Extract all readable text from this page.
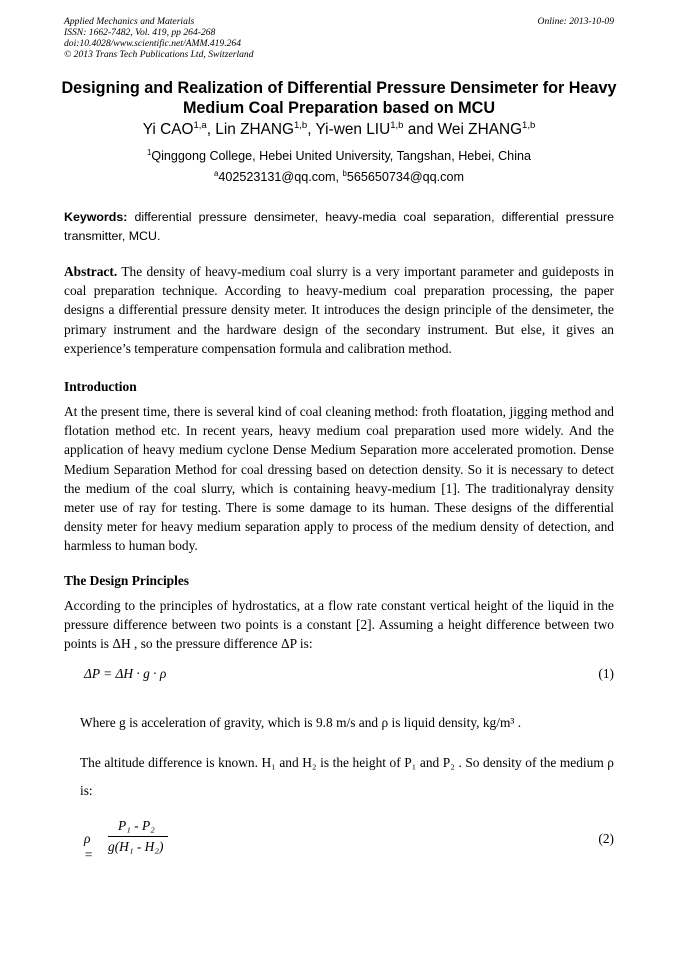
Applied Mechanics and Materials
ISSN: 1662-7482, Vol. 419, pp 264-268
doi:10.4028/www.scientific.net/AMM.419.264
© 2013 Trans Tech Publications Ltd, Switzerland
Online: 2013-10-09
Designing and Realization of Differential Pressure Densimeter for Heavy Medium Coal Preparation based on MCU
Yi CAO$^{1,a}$, Lin ZHANG$^{1,b}$, Yi-wen LIU$^{1,b}$ and Wei ZHANG$^{1,b}$
$^1$Qinggong College, Hebei United University, Tangshan, Hebei, China
$^a$402523131@qq.com, $^b$565650734@qq.com
Keywords: differential pressure densimeter, heavy-media coal separation, differential pressure transmitter, MCU.
Abstract. The density of heavy-medium coal slurry is a very important parameter and guideposts in coal preparation technique. According to heavy-medium coal preparation processing, the paper designs a differential pressure density meter. It introduces the design principle of the densimeter, the primary instrument and the hardware design of the secondary instrument. But else, it gives an experience’s temperature compensation formula and calibration method.
Introduction
At the present time, there is several kind of coal cleaning method: froth floatation, jigging method and flotation method etc. In recent years, heavy medium coal preparation used more widely. And the application of heavy medium cyclone Dense Medium Separation more accelerated promotion. Dense Medium Separation Method for coal dressing based on detection density. So it is necessary to detect the medium of the coal slurry, which is containing heavy-medium [1]. The traditionalγray density meter use of ray for testing. There is some damage to its human. These designs of the differential density meter for heavy medium separation apply to process of the medium density of detection, and harmless to human body.
The Design Principles
According to the principles of hydrostatics, at a flow rate constant vertical height of the liquid in the pressure difference between two points is a constant [2]. Assuming a height difference between two points is ΔH , so the pressure difference ΔP is:
ΔP = ΔH · g · ρ	(1)
Where g is acceleration of gravity, which is 9.8 m/s and ρ is liquid density, kg/m³ .
The altitude difference is known. H₁ and H₂ is the height of P₁ and P₂ . So density of the medium ρ is:
ρ =
P₁ - P₂
g(H₁ - H₂)
(2)
